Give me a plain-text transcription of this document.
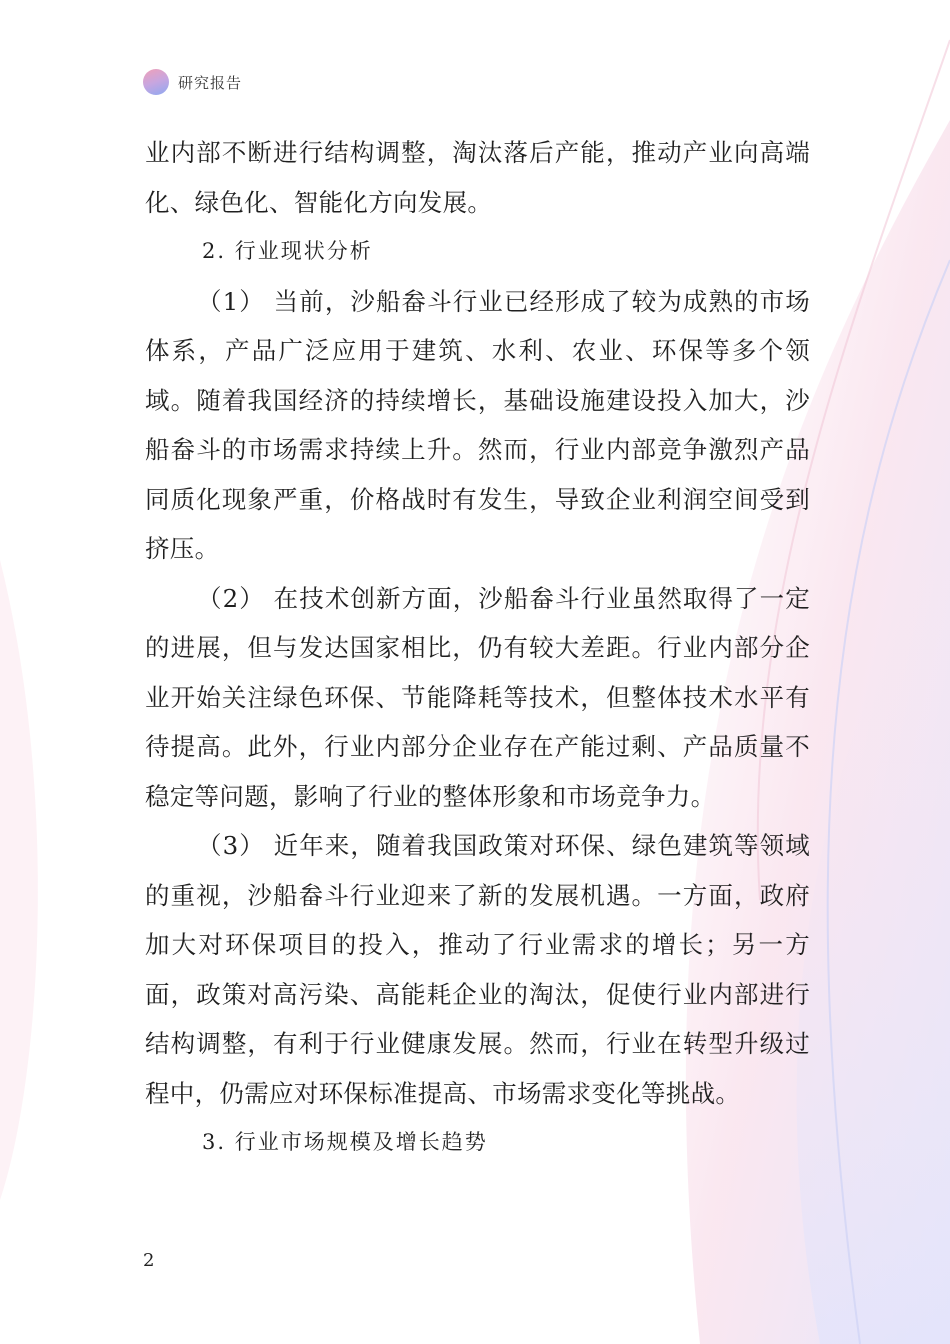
研究报告

业内部不断进行结构调整，淘汰落后产能，推动产业向高端化、绿色化、智能化方向发展。

2. 行业现状分析

（1） 当前，沙船畚斗行业已经形成了较为成熟的市场体系，产品广泛应用于建筑、水利、农业、环保等多个领域。随着我国经济的持续增长，基础设施建设投入加大，沙船畚斗的市场需求持续上升。然而，行业内部竞争激烈产品同质化现象严重，价格战时有发生，导致企业利润空间受到挤压。

（2） 在技术创新方面，沙船畚斗行业虽然取得了一定的进展，但与发达国家相比，仍有较大差距。行业内部分企业开始关注绿色环保、节能降耗等技术，但整体技术水平有待提高。此外，行业内部分企业存在产能过剩、产品质量不稳定等问题，影响了行业的整体形象和市场竞争力。

（3） 近年来，随着我国政策对环保、绿色建筑等领域的重视，沙船畚斗行业迎来了新的发展机遇。一方面，政府加大对环保项目的投入，推动了行业需求的增长；另一方面，政策对高污染、高能耗企业的淘汰，促使行业内部进行结构调整，有利于行业健康发展。然而，行业在转型升级过程中，仍需应对环保标准提高、市场需求变化等挑战。

3. 行业市场规模及增长趋势

2
